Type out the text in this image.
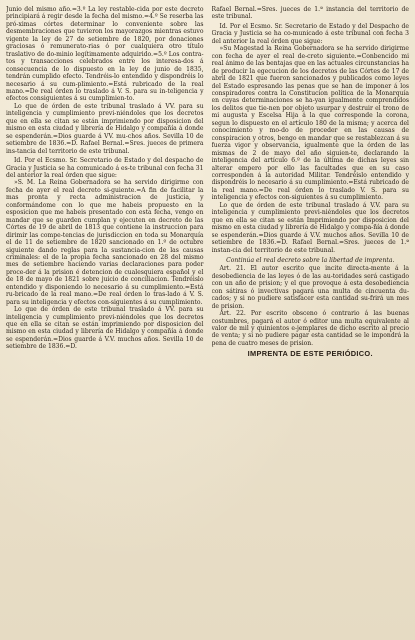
Junio del mismo año.=3.º La ley restable-cida por este decreto principiará á regir desde la fecha del mismo.=4.º Se reserba las pró-ximas córtes determinar lo conveniente sobre las desmembraciones que tuvieron los mayorazgos mientras estuvo vigente la ley de 27 de setiembre de 1820, por donaciones graciosas ó remunerato-rias ó por cualquiera otro título traslativo de do-minio legítimamente adquirido.=5.º Los contra-tos y transacciones celebrados entre los interesa-dos á consecuencia de lo dispuesto en la ley de junio de 1835, tendrán cumplido efecto. Tendréis-lo entendido y dispondréis lo necesario á su cum-plimiento.=Está rubricado de la real mano.=De real órden lo traslado á V. S. para su in-teligencia y efectos consiguientes á su cumplimien-to.

Lo que de órden de este tribunal traslado á VV. para su inteligencia y cumplimiento previ-niéndoles que los decretos que en ella se citan se están imprimiendo por disposicion del mismo en esta ciudad y librería de Hidalgo y compañía á donde se espenderán.=Dios guarde á VV. mu-chos años. Sevilla 10 de setiembre de 1836.=D. Rafael Bernal.=Sres. jueces de primera ins-tancia del territorio de este tribunal.

Id. Por el Ecsmo. Sr. Secretario de Estado y del despacho de Gracia y Justicia se ha comunicado á es-te tribunal con fecha 31 del anterior la real órden que sigue:

»S. M. La Reina Gobernadora se ha servido dirigirme con fecha de ayer el real decreto si-guiente.=A fin de facilitar la mas pronta y recta administracion de justicia, y conformándome con lo que me habeis propuesto en la esposicion que me habeis presentado con esta fecha, vengo en mandar que se guarden cumplan y ejecuten en decreto de las Córtes de 19 de abril de 1813 que contiene la instruccion para dirimir las compe-tencias de jurisdiccion en toda su Monarquía el de 11 de setiembre de 1820 sancionado en 1.º de octubre siguiente dando reglas para la sustancia-cion de las causas criminales: el de la propia fecha sancionado en 28 del mismo mes de setiembre haciendo varias declaraciones para poder proce-der á la prision é detencion de cualesquiera español y el de 18 de mayo de 1821 sobre juicio de conciliacion. Tendréislo entendido y disponiendo lo necesario á su cumplimiento.=Está ru-bricado de la real mano.=De real órden lo tras-lado á V. S. para su inteligencia y efectos con-siguientes á su cumplimiento.

Lo que de órden de este tribunal traslado á VV. para su inteligencia y cumplimiento previ-niéndoles que los decretos que en ella se citan se están imprimiendo por disposicion del mismo en esta ciudad y librería de Hidalgo y compañía á donde se espenderán.=Dios guarde á V.V. muchos años. Sevilla 10 de setiembre de 1836.=D.

Rafael Bernal.=Sres. jueces de 1.ª instancia del territorio de este tribunal.

Id. Por el Ecsmo. Sr. Secretario de Estado y del Despacho de Gracia y Justicia se ha co-municado á este tribunal con fecha 3 del anterior la real órden que sigue:

»Su Magestad la Reina Gobernadora se ha servido dirigirme con fecha de ayer el real de-creto siguiente.=Conbencido mi real ánimo de las bentajas que en las actuales circunstancias ha de producir la egecucion de los decretos de las Córtes de 17 de abril de 1821 que fueron sancionados y publicados como leyes del Estado espresando las penas que se han de imponer á los conspiradores contra la Constitucion política de la Monarquía en cuyas determinaciones se ha-yan igualmente comprendidos los delitos que tie-nen por objeto usurpar y destruir el trono de mi augusta y Escelsa Hija á la que corresponde la corona, segun lo dispuesto en el artículo 180 de la misma; y acerca del conocimiento y mo-do de proceder en las causas de conspiracion y otros, bengo en mandar que se restablezcan á su fuerza vigor y observancia, igualmente que la órden de las mismas de 2 de mayo del año siguien-te, declarando la inteligencia del artículo 6.º de la última de dichas leyes sin alterar empero por ello las facultades que en su caso corresponden á la autoridad Militar. Tendréislo entendido y dispondréis lo necesario á su cumplimiento.=Está rubricado de la real mano.=De real órden lo traslado V. S. para su inteligencia y efectos con-siguientes á su cumplimiento.

Lo que de órden de este tribunal traslado á V.V. para su inteligencia y cumplimiento previ-niéndoles que los decretos que en ella se citan se están Imprimiendo por disposicion del mismo en esta ciudad y librería de Hidalgo y compa-ñía á donde se espenderán.=Dios guarde á V.V. muchos años. Sevilla 10 de setiembre de 1836.=D. Rafael Bernal.=Sres. jueces de 1.ª instan-cia del territorio de este tribunal.

Continúa el real decreto sobre la libertad de imprenta.

Art. 21. El autor escrito que incite directa-mente á la desobediencia de las leyes ó de las au-toridades será castigado con un año de prision; y el que provoque á esta desobediencia con sátiras ó invectivas pagará una multa de cincuenta du-cados; y si no pudiere satisfacer esta cantidad su-frirá un mes de prision.

Art. 22. Por escrito obsceno ó contrario á las buenas costumbres, pagará el autor ó editor una multa equivalente al valor de mil y quinientos e-jemplares de dicho escrito al precio de venta; y si no pudiere pagar esta cantidad se le impondrá la pena de cuatro meses de prision.

IMPRENTA DE ESTE PERIÓDICO.
